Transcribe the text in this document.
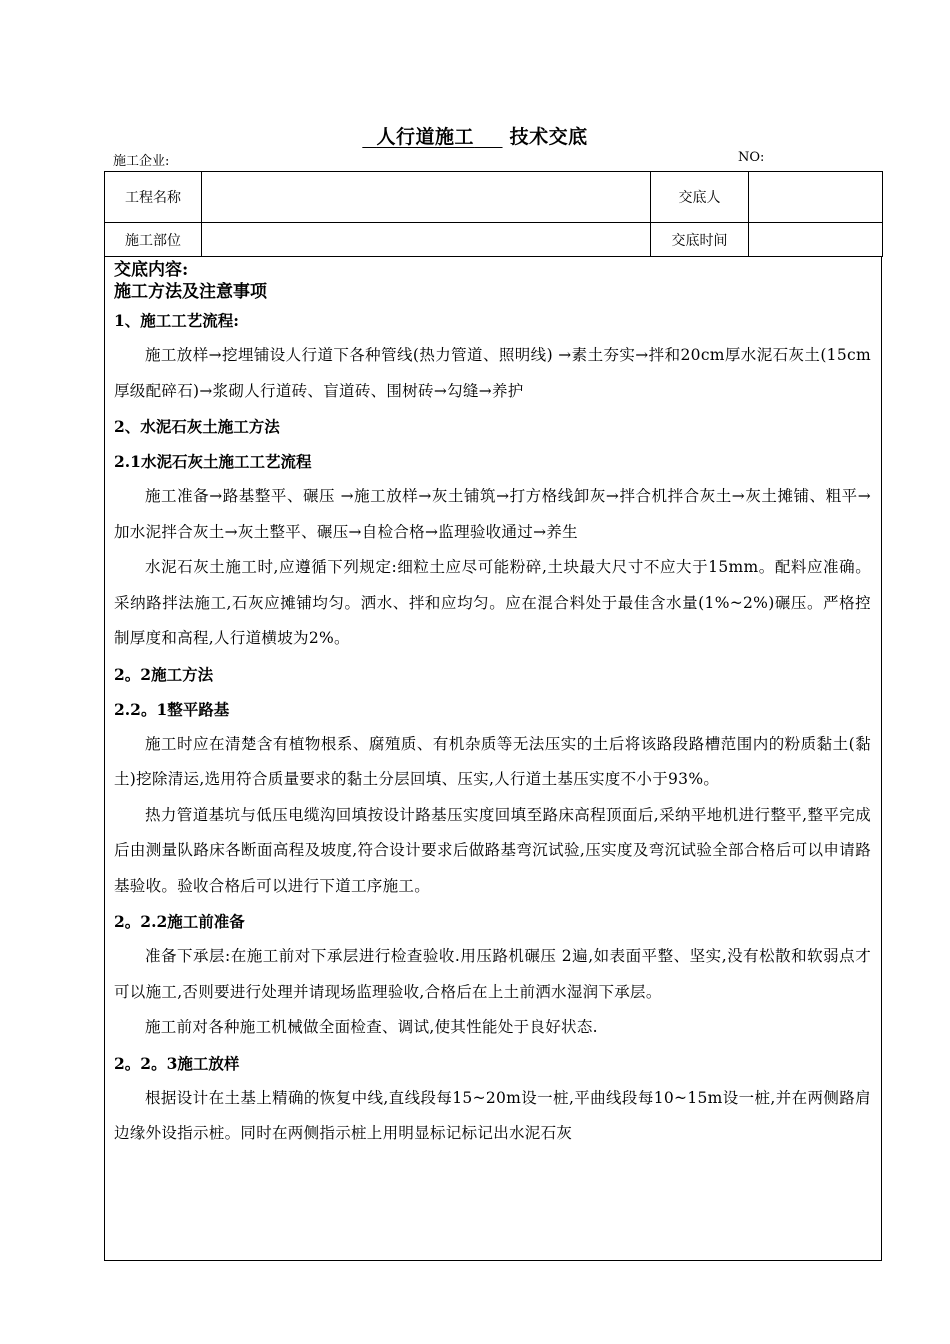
人行道施工 技术交底
施工企业:	NO:
工程名称		交底人	
施工部位		交底时间	
交底内容:
施工方法及注意事项
1、施工工艺流程:
施工放样→挖埋铺设人行道下各种管线(热力管道、照明线) →素土夯实→拌和20cm厚水泥石灰土(15cm厚级配碎石)→浆砌人行道砖、盲道砖、围树砖→勾缝→养护
2、水泥石灰土施工方法
2.1水泥石灰土施工工艺流程
施工准备→路基整平、碾压 →施工放样→灰土铺筑→打方格线卸灰→拌合机拌合灰土→灰土摊铺、粗平→加水泥拌合灰土→灰土整平、碾压→自检合格→监理验收通过→养生
水泥石灰土施工时,应遵循下列规定:细粒土应尽可能粉碎,土块最大尺寸不应大于15mm。配料应准确。采纳路拌法施工,石灰应摊铺均匀。洒水、拌和应均匀。应在混合料处于最佳含水量(1%~2%)碾压。严格控制厚度和高程,人行道横坡为2%。
2。2施工方法
2.2。1整平路基
施工时应在清楚含有植物根系、腐殖质、有机杂质等无法压实的土后将该路段路槽范围内的粉质黏土(黏土)挖除清运,选用符合质量要求的黏土分层回填、压实,人行道土基压实度不小于93%。
热力管道基坑与低压电缆沟回填按设计路基压实度回填至路床高程顶面后,采纳平地机进行整平,整平完成后由测量队路床各断面高程及坡度,符合设计要求后做路基弯沉试验,压实度及弯沉试验全部合格后可以申请路基验收。验收合格后可以进行下道工序施工。
2。2.2施工前准备
准备下承层:在施工前对下承层进行检查验收.用压路机碾压 2遍,如表面平整、坚实,没有松散和软弱点才可以施工,否则要进行处理并请现场监理验收,合格后在上土前洒水湿润下承层。
施工前对各种施工机械做全面检查、调试,使其性能处于良好状态.
2。2。3施工放样
根据设计在土基上精确的恢复中线,直线段每15~20m设一桩,平曲线段每10~15m设一桩,并在两侧路肩边缘外设指示桩。同时在两侧指示桩上用明显标记标记出水泥石灰
